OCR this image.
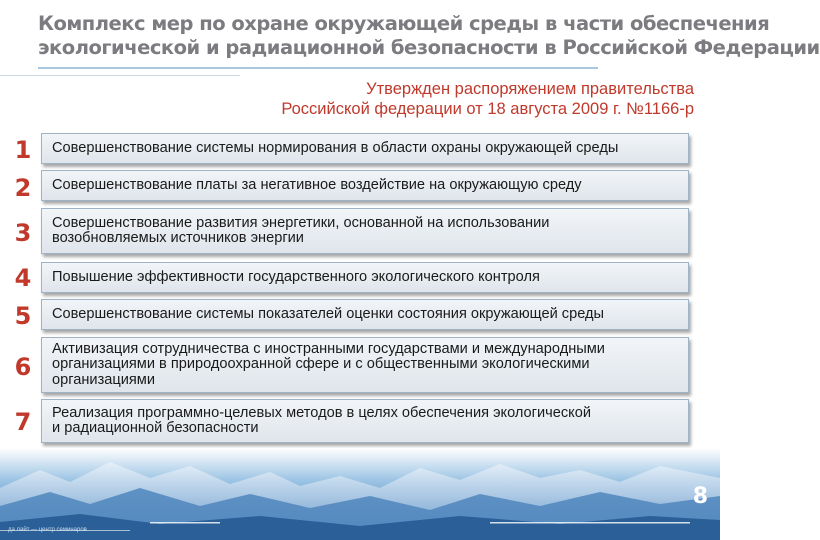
Комплекс мер по охране окружающей среды в части обеспечения
экологической и радиационной безопасности в Российской Федерации
Утвержден распоряжением правительства
Российской федерации от 18 августа 2009 г. №1166-р
1	Совершенствование системы нормирования в области охраны окружающей среды
2	Совершенствование платы за негативное воздействие на окружающую среду
3	Совершенствование развития энергетики, основанной на использовании
возобновляемых источников энергии
4	Повышение эффективности государственного экологического контроля
5	Совершенствование системы показателей оценки состояния окружающей среды
6
Активизация сотрудничества с иностранными государствами и международными
организациями в природоохранной сфере и с общественными экологическими
организациями
7	Реализация программно-целевых методов в целях обеспечения экологической
и радиационной безопасности
8
да лайт — центр семинаров
